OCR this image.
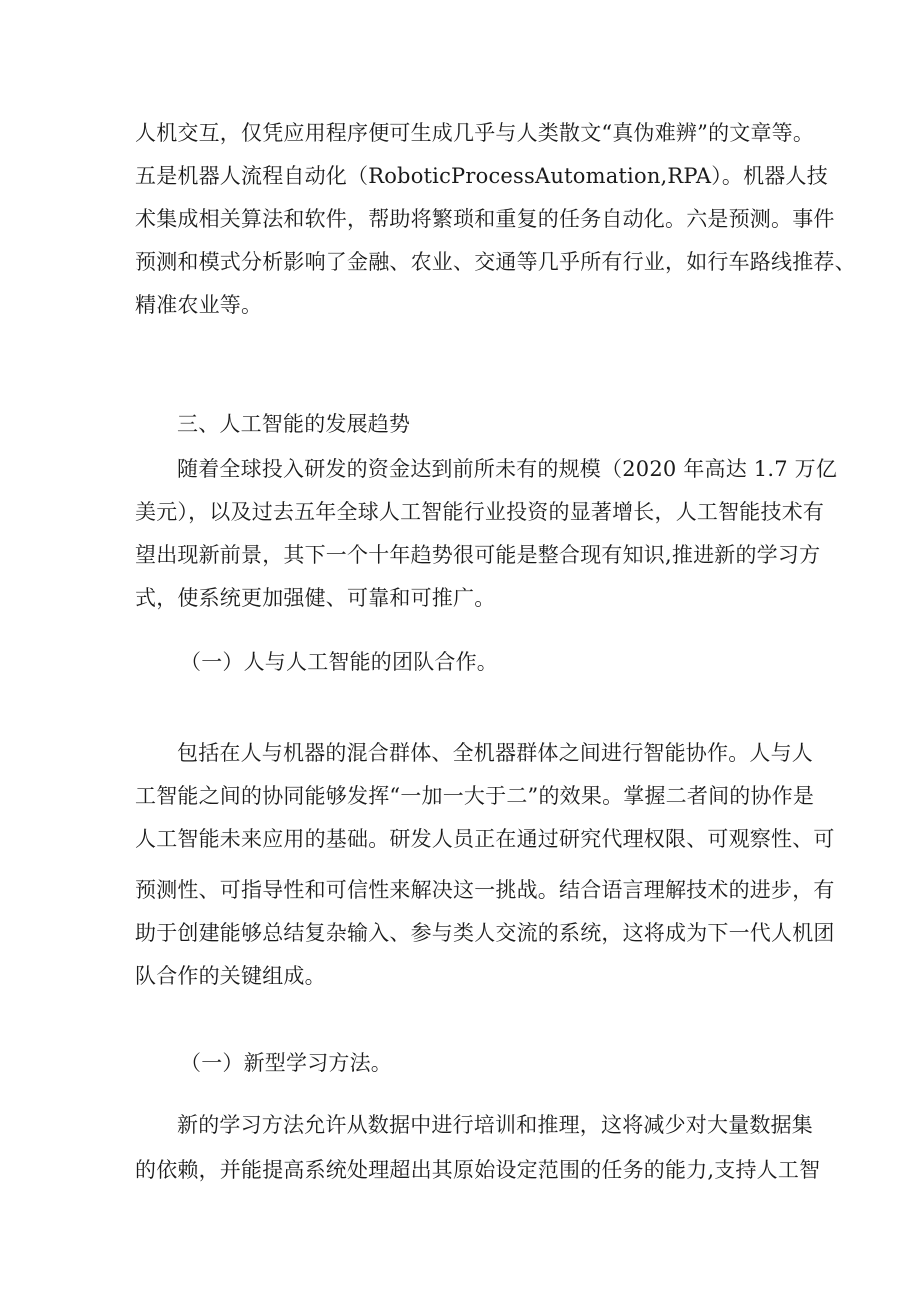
人机交互，仅凭应用程序便可生成几乎与人类散文“真伪难辨”的文章等。
五是机器人流程自动化（RoboticProcessAutomation,RPA）。机器人技
术集成相关算法和软件，帮助将繁琐和重复的任务自动化。六是预测。事件
预测和模式分析影响了金融、农业、交通等几乎所有行业，如行车路线推荐、
精准农业等。
三、人工智能的发展趋势
随着全球投入研发的资金达到前所未有的规模（2020 年高达 1.7 万亿
美元），以及过去五年全球人工智能行业投资的显著增长，人工智能技术有
望出现新前景，其下一个十年趋势很可能是整合现有知识,推进新的学习方
式，使系统更加强健、可靠和可推广。
（一）人与人工智能的团队合作。
包括在人与机器的混合群体、全机器群体之间进行智能协作。人与人
工智能之间的协同能够发挥“一加一大于二”的效果。掌握二者间的协作是
人工智能未来应用的基础。研发人员正在通过研究代理权限、可观察性、可
预测性、可指导性和可信性来解决这一挑战。结合语言理解技术的进步，有
助于创建能够总结复杂输入、参与类人交流的系统，这将成为下一代人机团
队合作的关键组成。
（一）新型学习方法。
新的学习方法允许从数据中进行培训和推理，这将减少对大量数据集
的依赖，并能提高系统处理超出其原始设定范围的任务的能力,支持人工智
